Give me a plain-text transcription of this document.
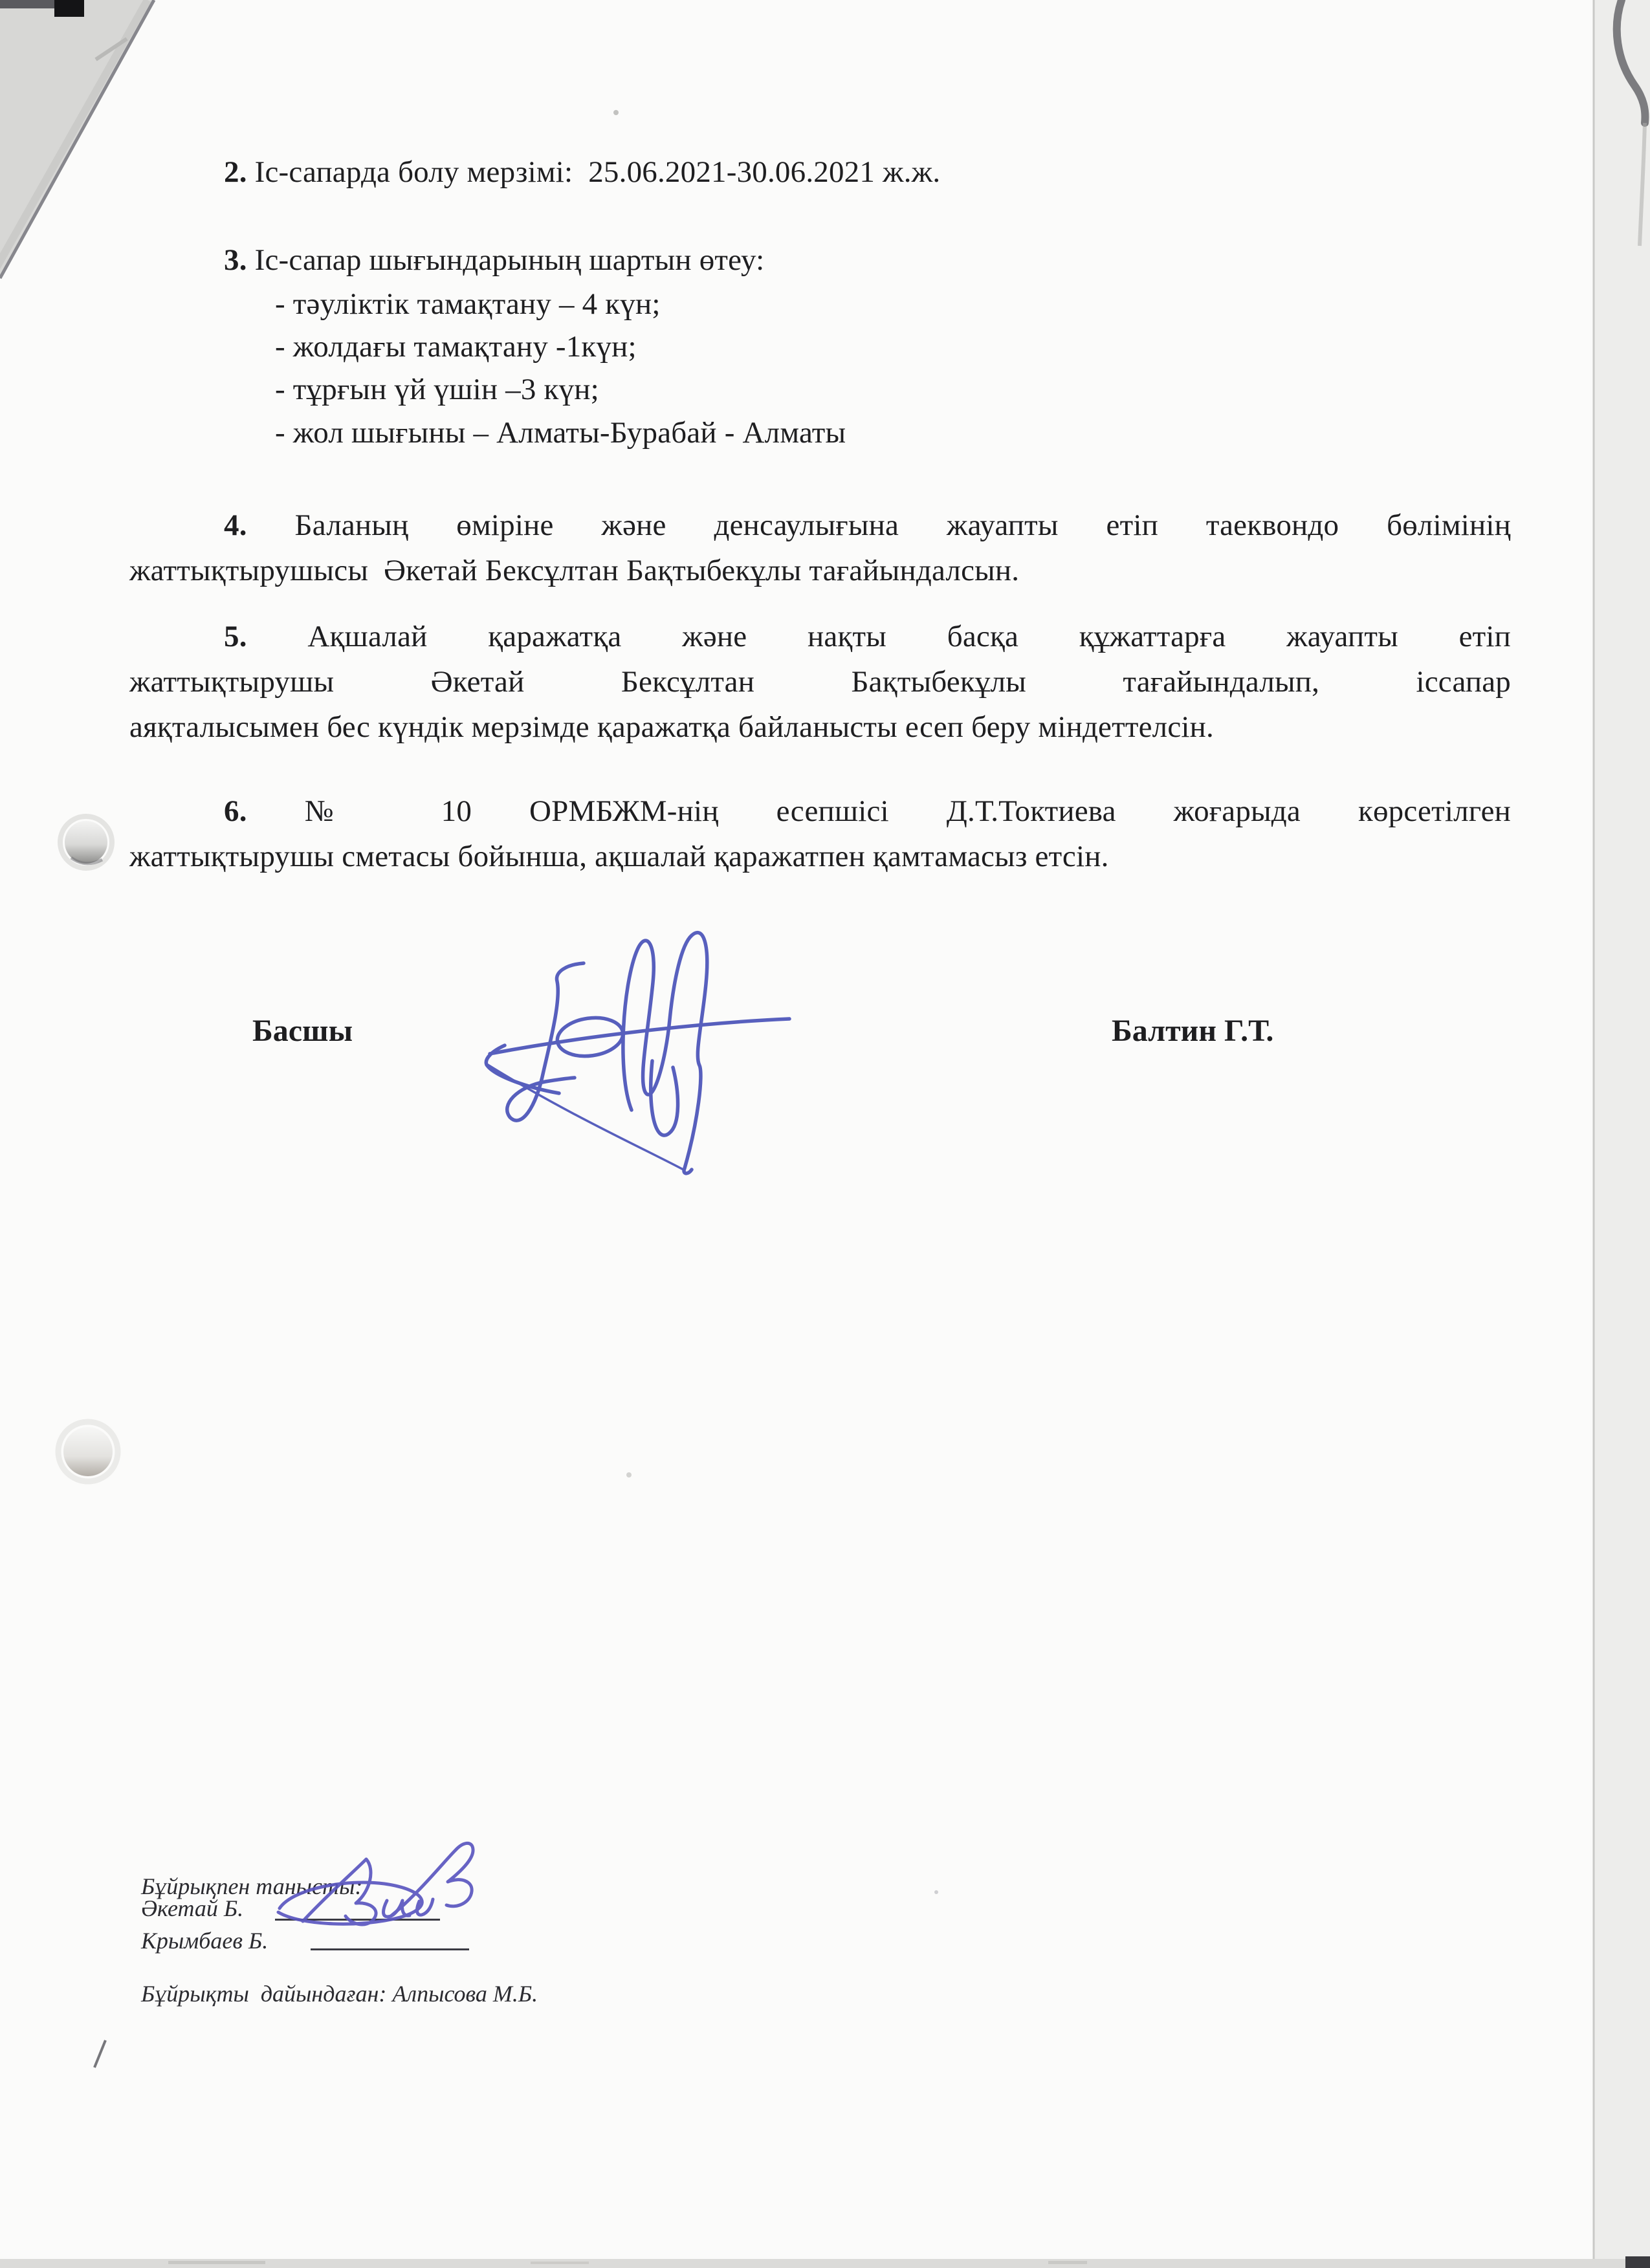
2. Іс-сапарда болу мерзімі:  25.06.2021-30.06.2021 ж.ж.
3. Іс-сапар шығындарының шартын өтеу:
- тәуліктік тамақтану – 4 күн;
- жолдағы тамақтану -1күн;
- тұрғын үй үшін –3 күн;
- жол шығыны – Алматы-Бурабай - Алматы
4. Баланың өміріне және денсаулығына жауапты етіп таеквондо бөлімінің
жаттықтырушысы  Әкетай Бексұлтан Бақтыбекұлы тағайындалсын.
5. Ақшалай қаражатқа және нақты басқа құжаттарға жауапты етіп
жаттықтырушы Әкетай Бексұлтан Бақтыбекұлы тағайындалып, іссапар
аяқталысымен бес күндік мерзімде қаражатқа байланысты есеп беру міндеттелсін.
6. № 10 ОРМБЖМ-нің есепшісі Д.Т.Токтиева жоғарыда көрсетілген
жаттықтырушы сметасы бойынша, ақшалай қаражатпен қамтамасыз етсін.
Басшы	Балтин Г.Т.
Бұйрықпен танысты:
Әкетай Б.
Крымбаев Б.
Бұйрықты  дайындаған: Алпысова М.Б.
